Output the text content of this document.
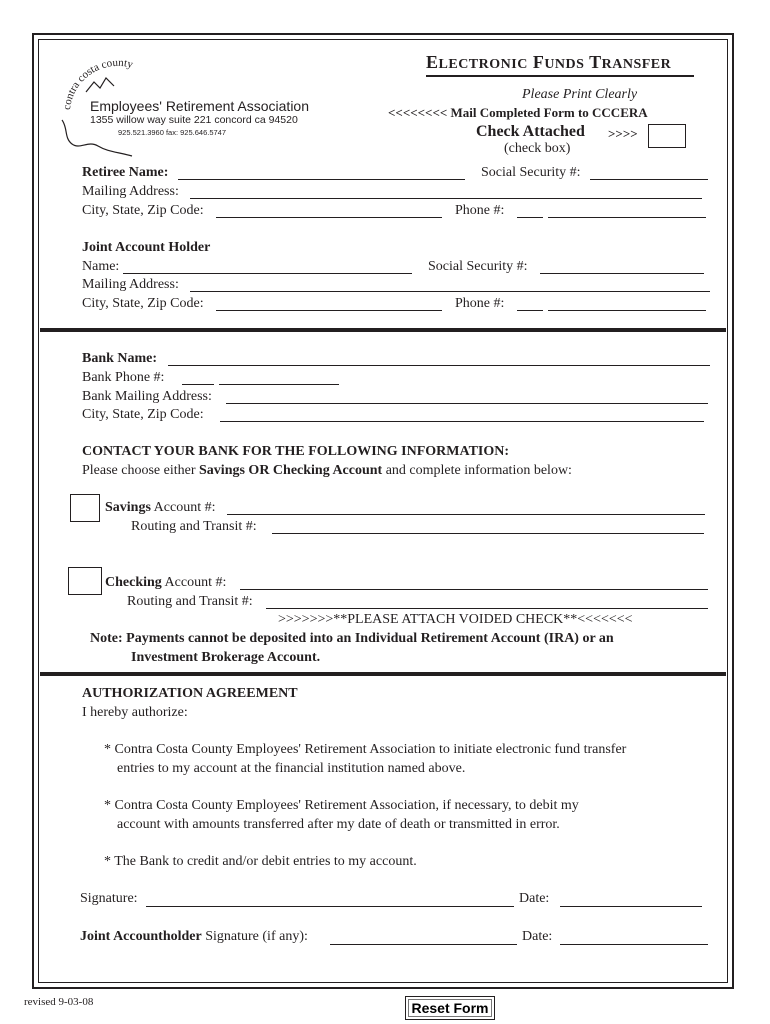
contra costa county
Employees' Retirement Association
1355 willow way suite 221 concord ca 94520
925.521.3960 fax: 925.646.5747
ELECTRONIC FUNDS TRANSFER
Please Print Clearly
<<<<<<<< Mail Completed Form to CCCERA
Check Attached >>>>
(check box)
Retiree Name:	Social Security #:
Mailing Address:
City, State, Zip Code:	Phone #:
Joint Account Holder
Name:	Social Security #:
Mailing Address:
City, State, Zip Code:	Phone #:
Bank Name:
Bank Phone #:
Bank Mailing Address:
City, State, Zip Code:
CONTACT YOUR BANK FOR THE FOLLOWING INFORMATION:
Please choose either Savings OR Checking Account and complete information below:
Savings Account #:
Routing and Transit #:
Checking Account #:
Routing and Transit #:
>>>>>>>**PLEASE ATTACH VOIDED CHECK**<<<<<<<
Note: Payments cannot be deposited into an Individual Retirement Account (IRA) or an
Investment Brokerage Account.
AUTHORIZATION AGREEMENT
I hereby authorize:
* Contra Costa County Employees' Retirement Association to initiate electronic fund transfer
entries to my account at the financial institution named above.
* Contra Costa County Employees' Retirement Association, if necessary, to debit my
account with amounts transferred after my date of death or transmitted in error.
* The Bank to credit and/or debit entries to my account.
Signature:	Date:
Joint Accountholder Signature (if any):	Date:
revised 9-03-08	Reset Form
